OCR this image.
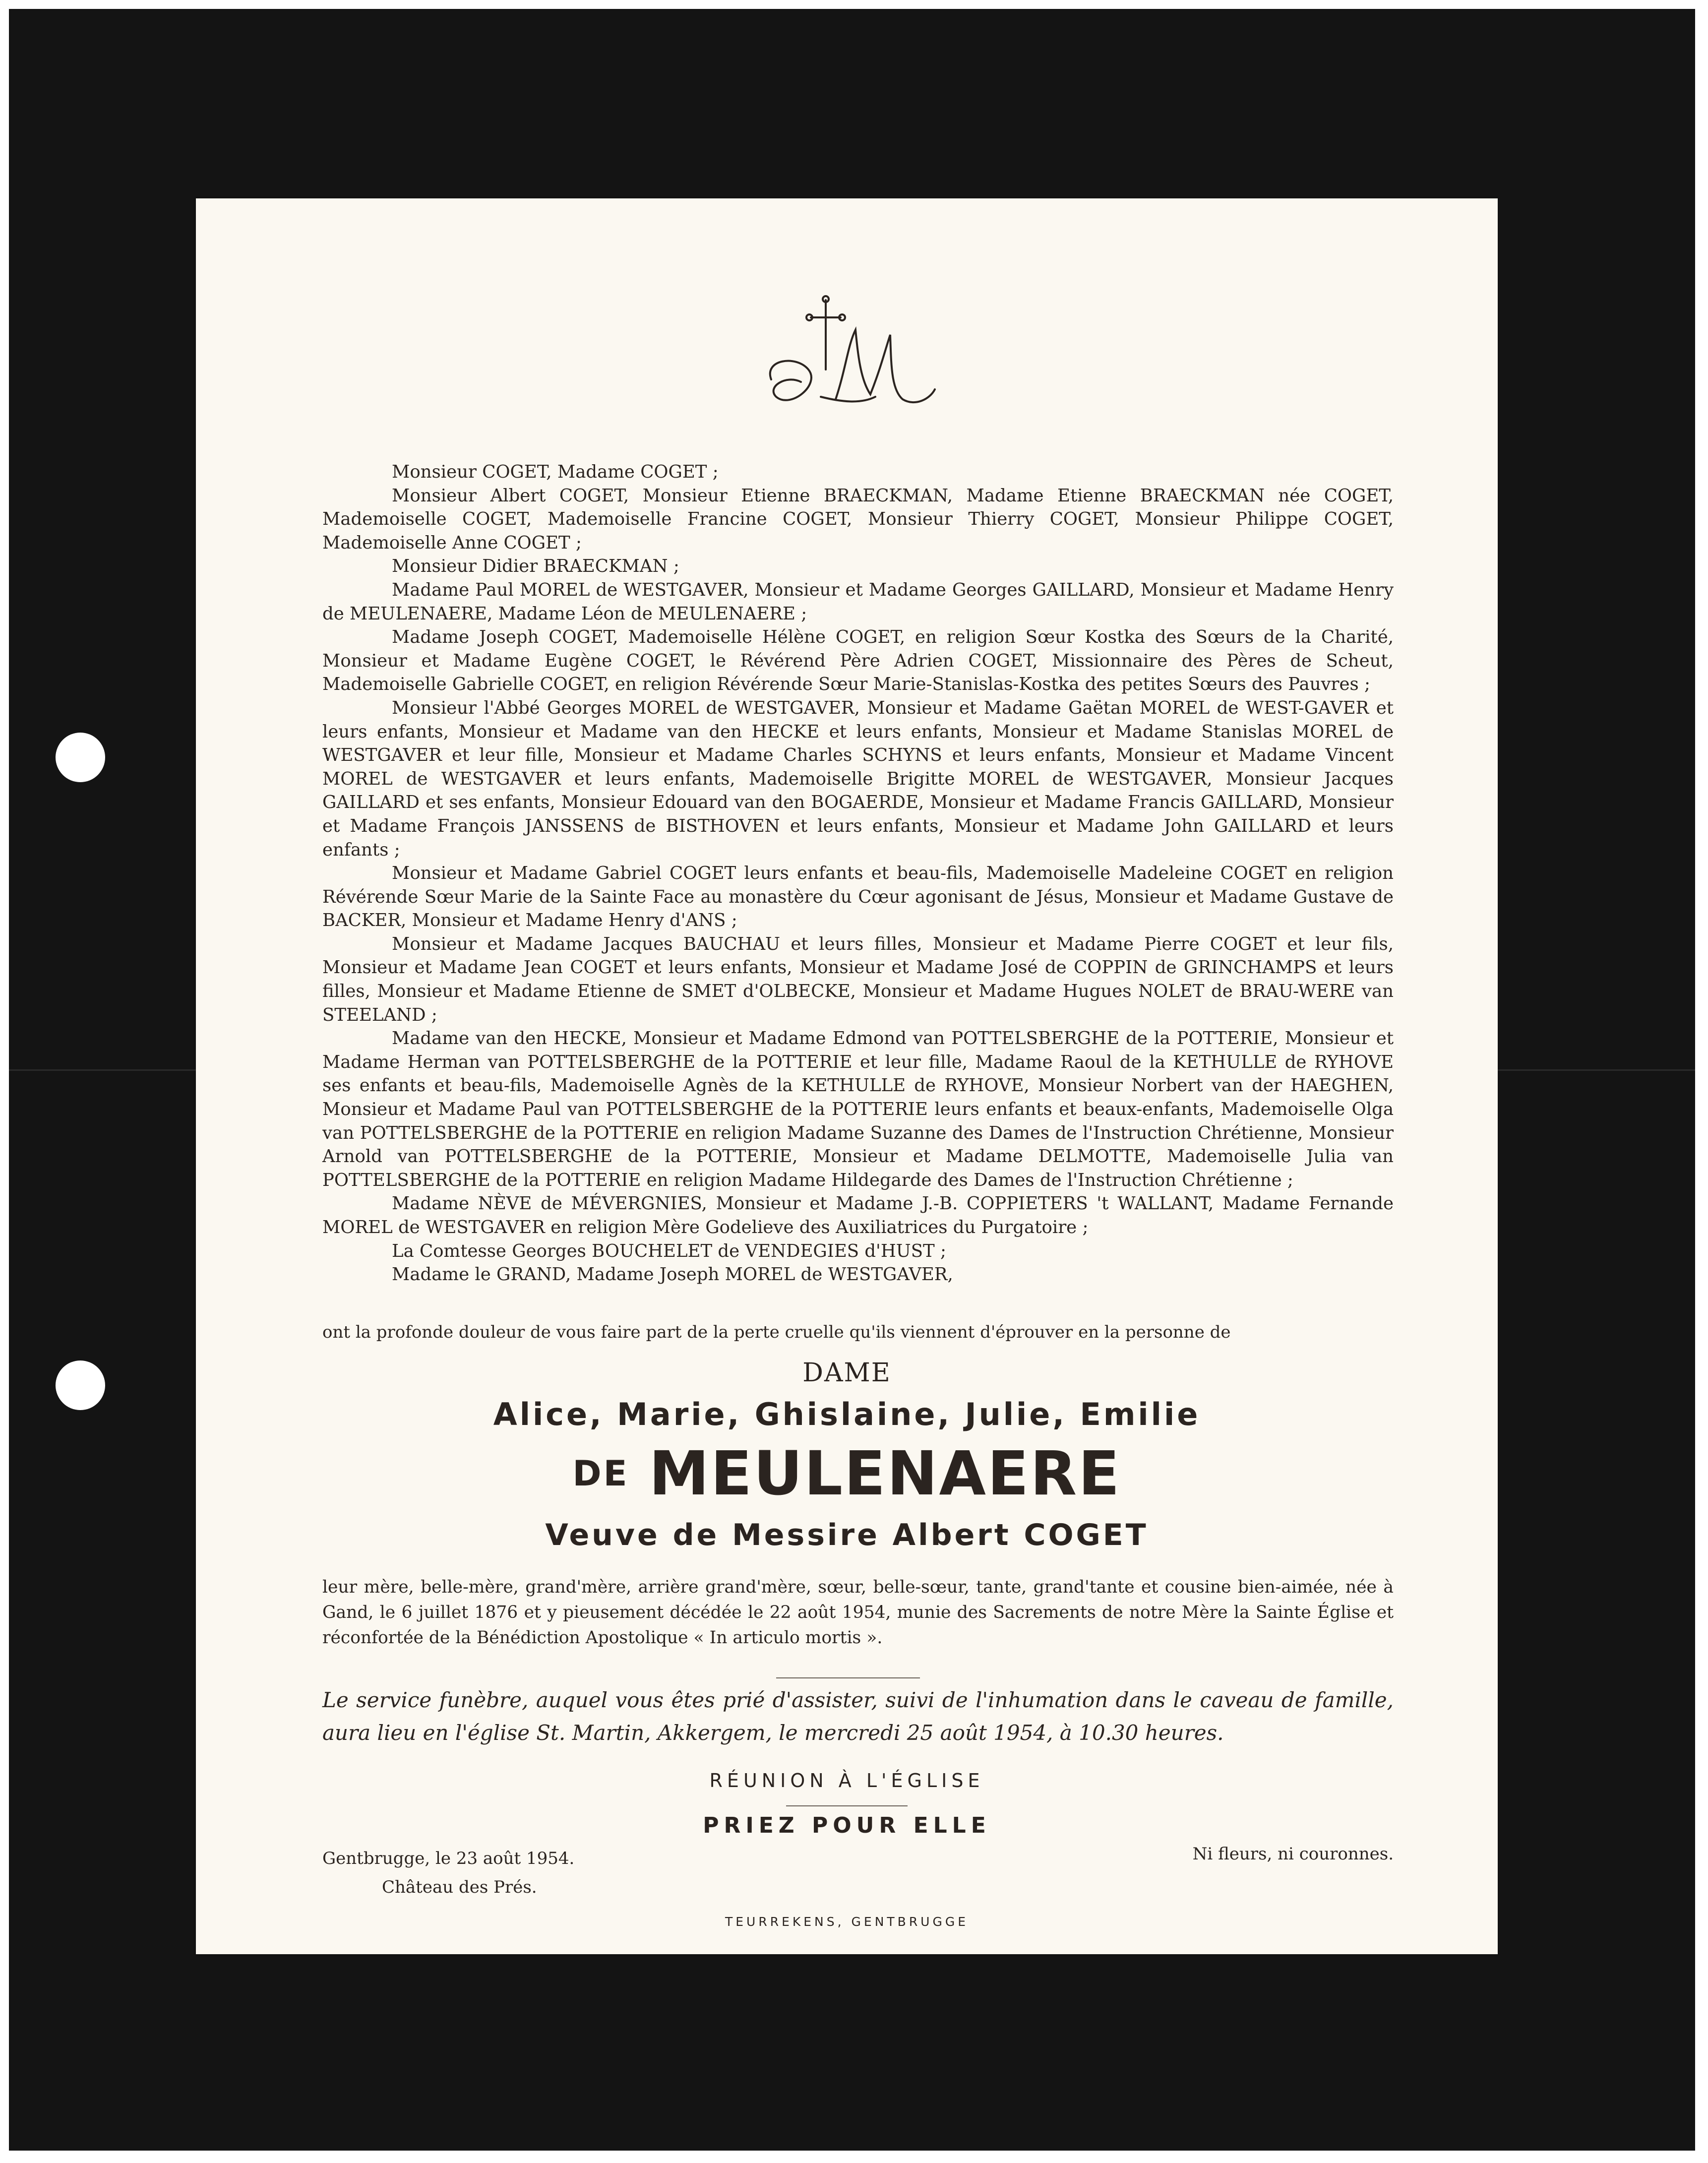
Monsieur COGET, Madame COGET ;

Monsieur Albert COGET, Monsieur Etienne BRAECKMAN, Madame Etienne BRAECKMAN née COGET, Mademoiselle COGET, Mademoiselle Francine COGET, Monsieur Thierry COGET, Monsieur Philippe COGET, Mademoiselle Anne COGET ;

Monsieur Didier BRAECKMAN ;

Madame Paul MOREL de WESTGAVER, Monsieur et Madame Georges GAILLARD, Monsieur et Madame Henry de MEULENAERE, Madame Léon de MEULENAERE ;

Madame Joseph COGET, Mademoiselle Hélène COGET, en religion Sœur Kostka des Sœurs de la Charité, Monsieur et Madame Eugène COGET, le Révérend Père Adrien COGET, Missionnaire des Pères de Scheut, Mademoiselle Gabrielle COGET, en religion Révérende Sœur Marie-Stanislas-Kostka des petites Sœurs des Pauvres ;

Monsieur l'Abbé Georges MOREL de WESTGAVER, Monsieur et Madame Gaëtan MOREL de WEST-GAVER et leurs enfants, Monsieur et Madame van den HECKE et leurs enfants, Monsieur et Madame Stanislas MOREL de WESTGAVER et leur fille, Monsieur et Madame Charles SCHYNS et leurs enfants, Monsieur et Madame Vincent MOREL de WESTGAVER et leurs enfants, Mademoiselle Brigitte MOREL de WESTGAVER, Monsieur Jacques GAILLARD et ses enfants, Monsieur Edouard van den BOGAERDE, Monsieur et Madame Francis GAILLARD, Monsieur et Madame François JANSSENS de BISTHOVEN et leurs enfants, Monsieur et Madame John GAILLARD et leurs enfants ;

Monsieur et Madame Gabriel COGET leurs enfants et beau-fils, Mademoiselle Madeleine COGET en religion Révérende Sœur Marie de la Sainte Face au monastère du Cœur agonisant de Jésus, Monsieur et Madame Gustave de BACKER, Monsieur et Madame Henry d'ANS ;

Monsieur et Madame Jacques BAUCHAU et leurs filles, Monsieur et Madame Pierre COGET et leur fils, Monsieur et Madame Jean COGET et leurs enfants, Monsieur et Madame José de COPPIN de GRINCHAMPS et leurs filles, Monsieur et Madame Etienne de SMET d'OLBECKE, Monsieur et Madame Hugues NOLET de BRAU-WERE van STEELAND ;

Madame van den HECKE, Monsieur et Madame Edmond van POTTELSBERGHE de la POTTERIE, Monsieur et Madame Herman van POTTELSBERGHE de la POTTERIE et leur fille, Madame Raoul de la KETHULLE de RYHOVE ses enfants et beau-fils, Mademoiselle Agnès de la KETHULLE de RYHOVE, Monsieur Norbert van der HAEGHEN, Monsieur et Madame Paul van POTTELSBERGHE de la POTTERIE leurs enfants et beaux-enfants, Mademoiselle Olga van POTTELSBERGHE de la POTTERIE en religion Madame Suzanne des Dames de l'Instruction Chrétienne, Monsieur Arnold van POTTELSBERGHE de la POTTERIE, Monsieur et Madame DELMOTTE, Mademoiselle Julia van POTTELSBERGHE de la POTTERIE en religion Madame Hildegarde des Dames de l'Instruction Chrétienne ;

Madame NÈVE de MÉVERGNIES, Monsieur et Madame J.-B. COPPIETERS 't WALLANT, Madame Fernande MOREL de WESTGAVER en religion Mère Godelieve des Auxiliatrices du Purgatoire ;

La Comtesse Georges BOUCHELET de VENDEGIES d'HUST ;

Madame le GRAND, Madame Joseph MOREL de WESTGAVER,

ont la profonde douleur de vous faire part de la perte cruelle qu'ils viennent d'éprouver en la personne de
DAME
Alice, Marie, Ghislaine, Julie, Emilie
DE MEULENAERE
Veuve de Messire Albert COGET
leur mère, belle-mère, grand'mère, arrière grand'mère, sœur, belle-sœur, tante, grand'tante et cousine bien-aimée, née à Gand, le 6 juillet 1876 et y pieusement décédée le 22 août 1954, munie des Sacrements de notre Mère la Sainte Église et réconfortée de la Bénédiction Apostolique « In articulo mortis ».
Le service funèbre, auquel vous êtes prié d'assister, suivi de l'inhumation dans le caveau de famille, aura lieu en l'église St. Martin, Akkergem, le mercredi 25 août 1954, à 10.30 heures.
RÉUNION À L'ÉGLISE
PRIEZ POUR ELLE
Gentbrugge, le 23 août 1954.
Château des Prés.
Ni fleurs, ni couronnes.
TEURREKENS, GENTBRUGGE
